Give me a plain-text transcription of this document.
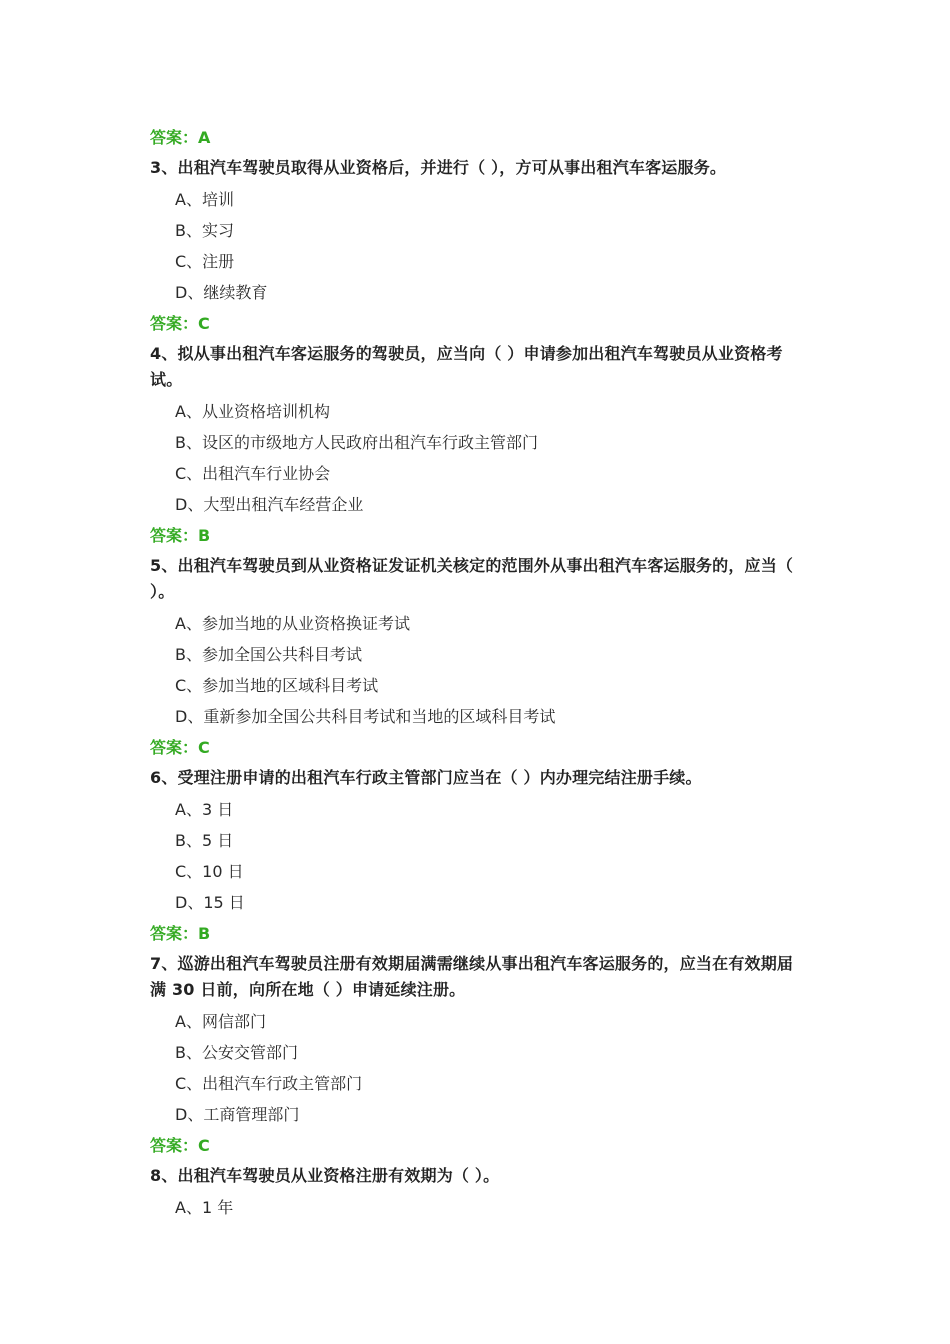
答案：A
3、出租汽车驾驶员取得从业资格后，并进行（ ），方可从事出租汽车客运服务。
A、培训
B、实习
C、注册
D、继续教育
答案：C
4、拟从事出租汽车客运服务的驾驶员，应当向（ ）申请参加出租汽车驾驶员从业资格考试。
A、从业资格培训机构
B、设区的市级地方人民政府出租汽车行政主管部门
C、出租汽车行业协会
D、大型出租汽车经营企业
答案：B
5、出租汽车驾驶员到从业资格证发证机关核定的范围外从事出租汽车客运服务的，应当（ ）。
A、参加当地的从业资格换证考试
B、参加全国公共科目考试
C、参加当地的区域科目考试
D、重新参加全国公共科目考试和当地的区域科目考试
答案：C
6、受理注册申请的出租汽车行政主管部门应当在（ ）内办理完结注册手续。
A、3 日
B、5 日
C、10 日
D、15 日
答案：B
7、巡游出租汽车驾驶员注册有效期届满需继续从事出租汽车客运服务的，应当在有效期届满 30 日前，向所在地（ ）申请延续注册。
A、网信部门
B、公安交管部门
C、出租汽车行政主管部门
D、工商管理部门
答案：C
8、出租汽车驾驶员从业资格注册有效期为（ ）。
A、1 年
